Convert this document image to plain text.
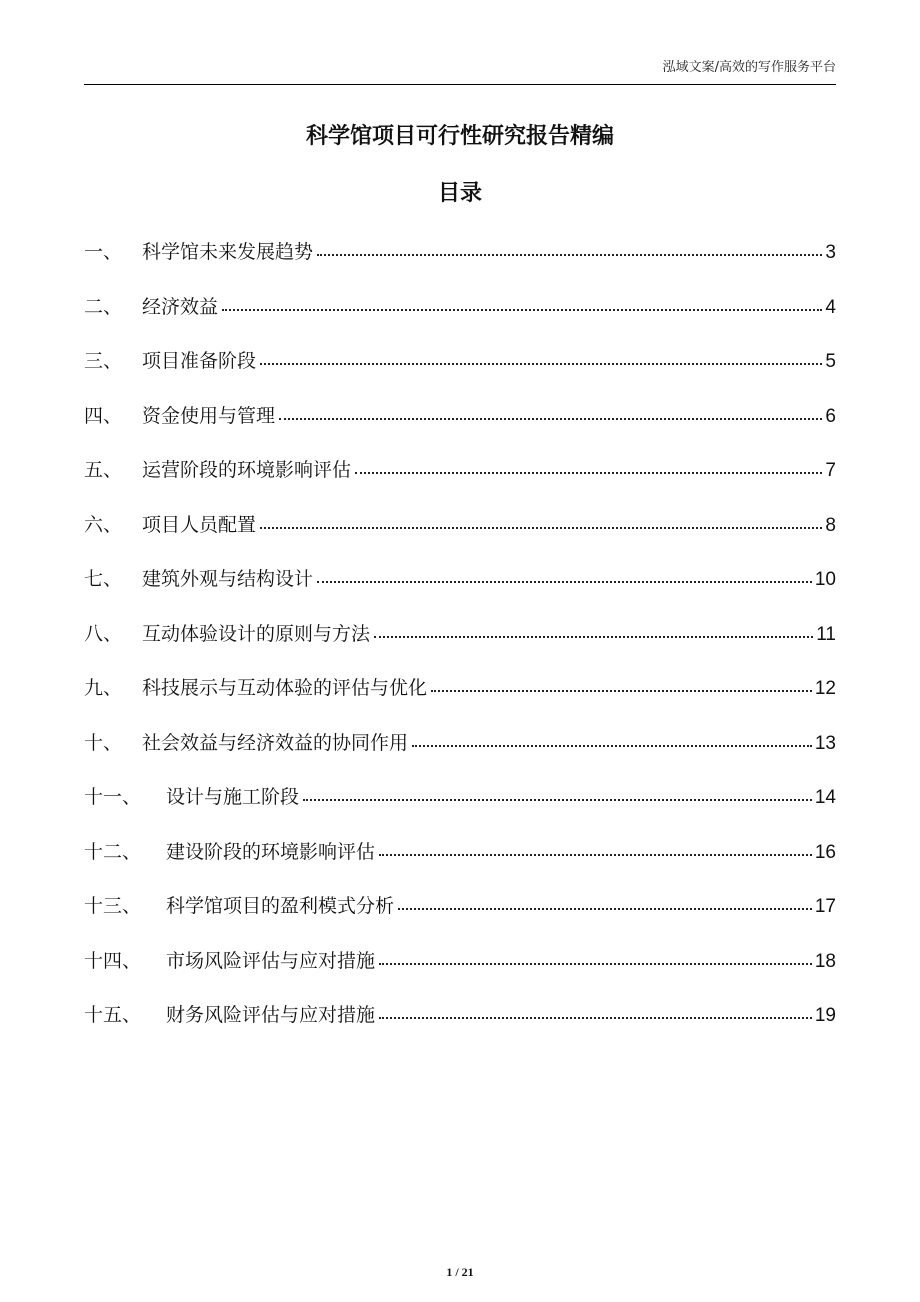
泓域文案/高效的写作服务平台
科学馆项目可行性研究报告精编
目录
一、	科学馆未来发展趋势	3
二、	经济效益	4
三、	项目准备阶段	5
四、	资金使用与管理	6
五、	运营阶段的环境影响评估	7
六、	项目人员配置	8
七、	建筑外观与结构设计	10
八、	互动体验设计的原则与方法	11
九、	科技展示与互动体验的评估与优化	12
十、	社会效益与经济效益的协同作用	13
十一、	设计与施工阶段	14
十二、	建设阶段的环境影响评估	16
十三、	科学馆项目的盈利模式分析	17
十四、	市场风险评估与应对措施	18
十五、	财务风险评估与应对措施	19
1 / 21
